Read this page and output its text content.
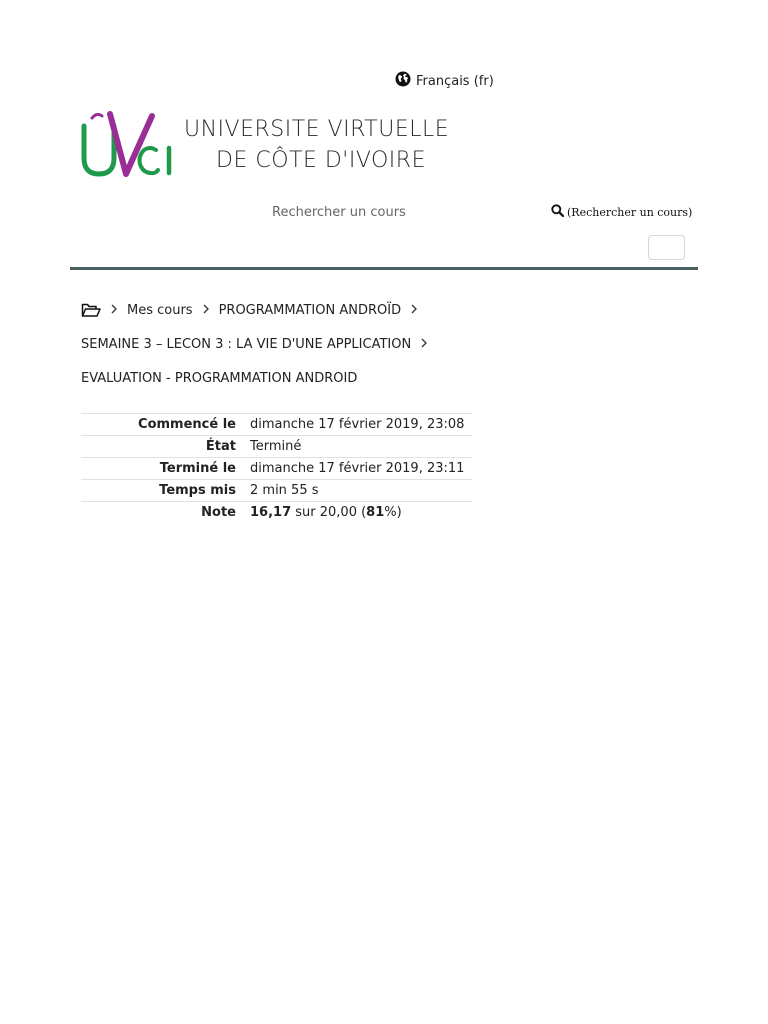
Français (fr)
UNIVERSITE VIRTUELLE
DE CÔTE D'IVOIRE
Rechercher un cours
(Rechercher un cours)
Mes cours PROGRAMMATION ANDROÏD
SEMAINE 3 – LECON 3 : LA VIE D'UNE APPLICATION
EVALUATION - PROGRAMMATION ANDROID
Commencé le	dimanche 17 février 2019, 23:08
État	Terminé
Terminé le	dimanche 17 février 2019, 23:11
Temps mis	2 min 55 s
Note	16,17 sur 20,00 (81%)
